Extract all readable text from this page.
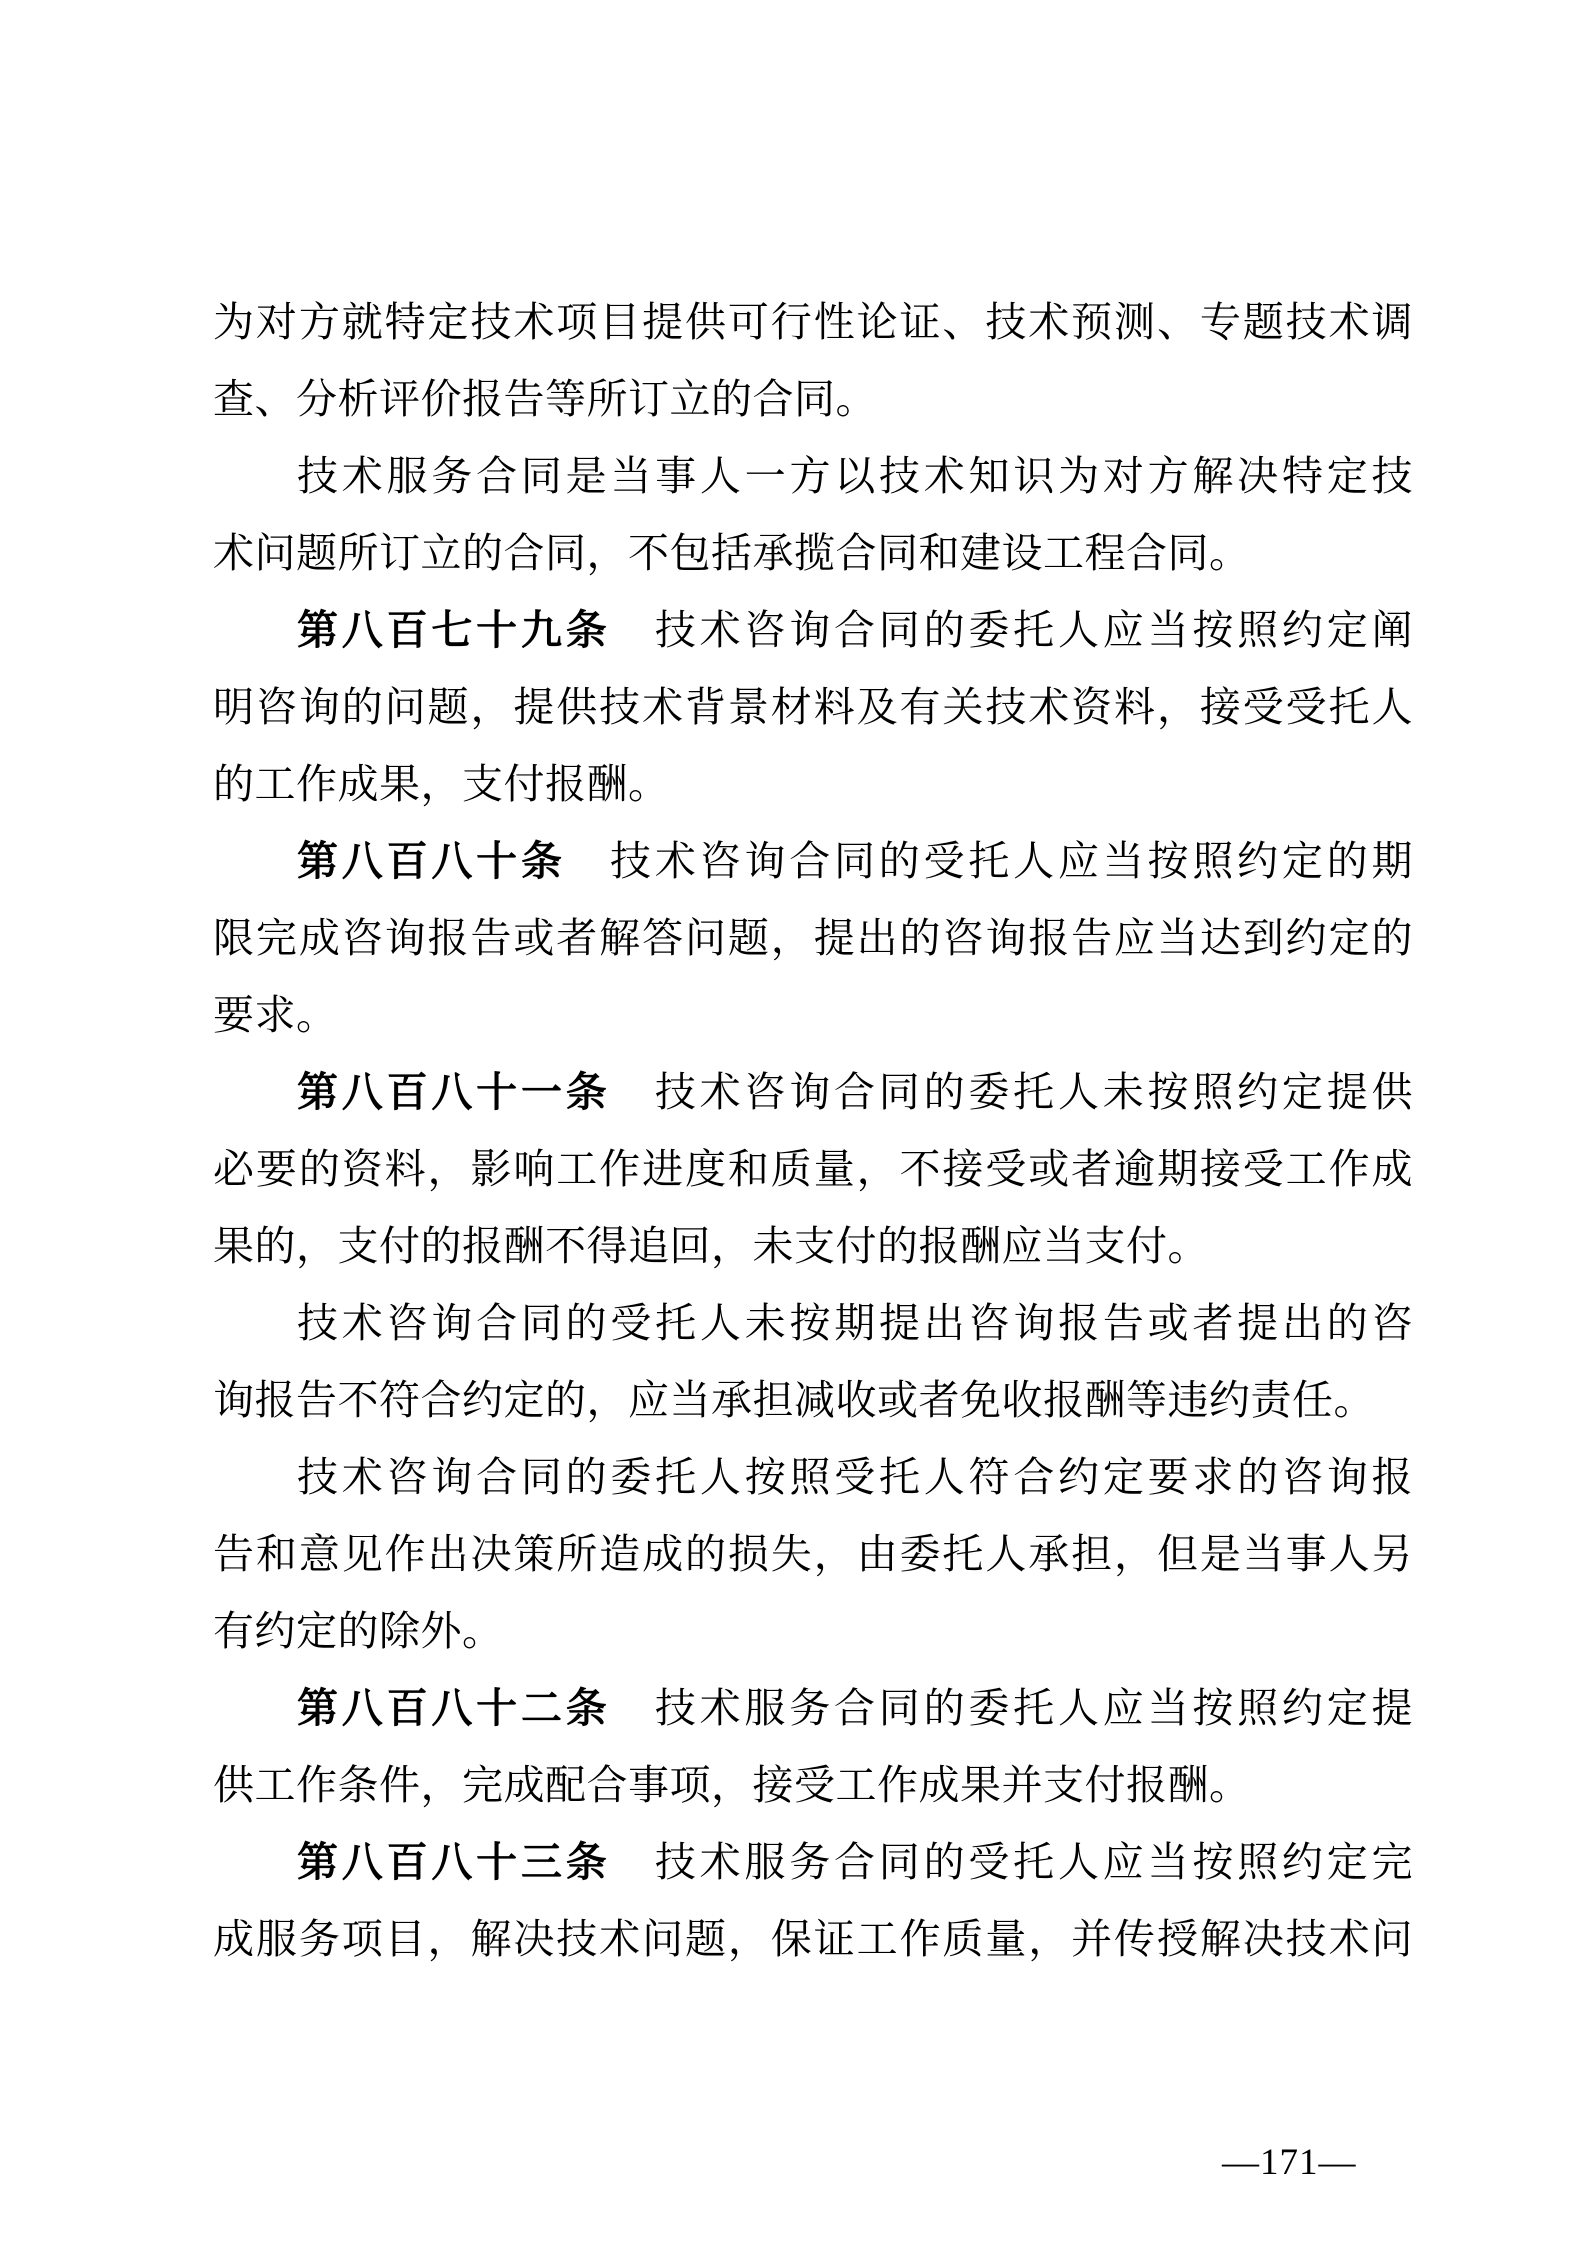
为对方就特定技术项目提供可行性论证、技术预测、专题技术调
查、分析评价报告等所订立的合同。
技术服务合同是当事人一方以技术知识为对方解决特定技
术问题所订立的合同，不包括承揽合同和建设工程合同。
第八百七十九条 技术咨询合同的委托人应当按照约定阐
明咨询的问题，提供技术背景材料及有关技术资料，接受受托人
的工作成果，支付报酬。
第八百八十条 技术咨询合同的受托人应当按照约定的期
限完成咨询报告或者解答问题，提出的咨询报告应当达到约定的
要求。
第八百八十一条 技术咨询合同的委托人未按照约定提供
必要的资料，影响工作进度和质量，不接受或者逾期接受工作成
果的，支付的报酬不得追回，未支付的报酬应当支付。
技术咨询合同的受托人未按期提出咨询报告或者提出的咨
询报告不符合约定的，应当承担减收或者免收报酬等违约责任。
技术咨询合同的委托人按照受托人符合约定要求的咨询报
告和意见作出决策所造成的损失，由委托人承担，但是当事人另
有约定的除外。
第八百八十二条 技术服务合同的委托人应当按照约定提
供工作条件，完成配合事项，接受工作成果并支付报酬。
第八百八十三条 技术服务合同的受托人应当按照约定完
成服务项目，解决技术问题，保证工作质量，并传授解决技术问
—171—
